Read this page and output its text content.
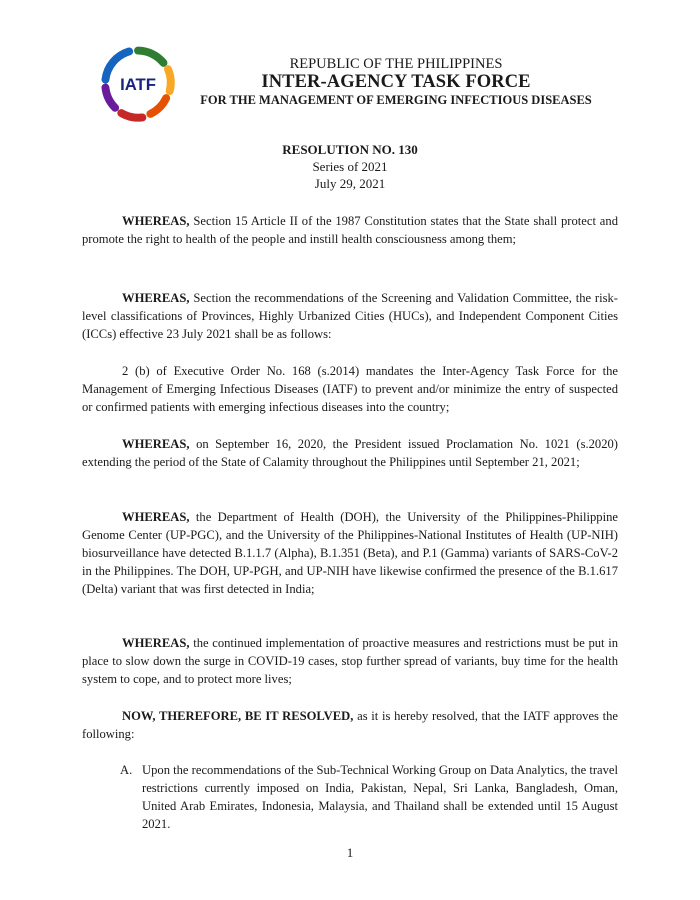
IATF
REPUBLIC OF THE PHILIPPINES
INTER-AGENCY TASK FORCE
FOR THE MANAGEMENT OF EMERGING INFECTIOUS DISEASES
RESOLUTION NO. 130
Series of 2021
July 29, 2021

WHEREAS, Section 15 Article II of the 1987 Constitution states that the State shall protect and promote the right to health of the people and instill health consciousness among them;

WHEREAS, Section the recommendations of the Screening and Validation Committee, the risk-level classifications of Provinces, Highly Urbanized Cities (HUCs), and Independent Component Cities (ICCs) effective 23 July 2021 shall be as follows:

2 (b) of Executive Order No. 168 (s.2014) mandates the Inter-Agency Task Force for the Management of Emerging Infectious Diseases (IATF) to prevent and/or minimize the entry of suspected or confirmed patients with emerging infectious diseases into the country;

WHEREAS, on September 16, 2020, the President issued Proclamation No. 1021 (s.2020) extending the period of the State of Calamity throughout the Philippines until September 21, 2021;

WHEREAS, the Department of Health (DOH), the University of the Philippines-Philippine Genome Center (UP-PGC), and the University of the Philippines-National Institutes of Health (UP-NIH) biosurveillance have detected B.1.1.7 (Alpha), B.1.351 (Beta), and P.1 (Gamma) variants of SARS-CoV-2 in the Philippines. The DOH, UP-PGH, and UP-NIH have likewise confirmed the presence of the B.1.617 (Delta) variant that was first detected in India;

WHEREAS, the continued implementation of proactive measures and restrictions must be put in place to slow down the surge in COVID-19 cases, stop further spread of variants, buy time for the health system to cope, and to protect more lives;

NOW, THEREFORE, BE IT RESOLVED, as it is hereby resolved, that the IATF approves the following:

A. Upon the recommendations of the Sub-Technical Working Group on Data Analytics, the travel restrictions currently imposed on India, Pakistan, Nepal, Sri Lanka, Bangladesh, Oman, United Arab Emirates, Indonesia, Malaysia, and Thailand shall be extended until 15 August 2021.
1
